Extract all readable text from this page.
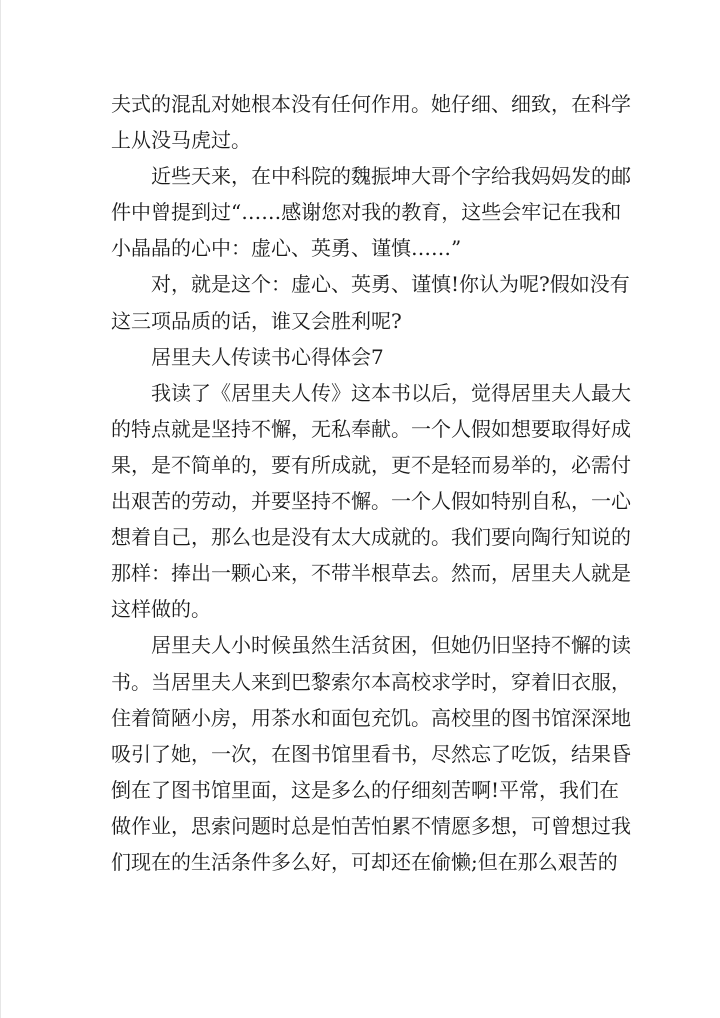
夫式的混乱对她根本没有任何作用。她仔细、细致，在科学
上从没马虎过。
近些天来，在中科院的魏振坤大哥个字给我妈妈发的邮
件中曾提到过“……感谢您对我的教育，这些会牢记在我和
小晶晶的心中：虚心、英勇、谨慎……”
对，就是这个：虚心、英勇、谨慎!你认为呢?假如没有
这三项品质的话，谁又会胜利呢?
居里夫人传读书心得体会7
我读了《居里夫人传》这本书以后，觉得居里夫人最大
的特点就是坚持不懈，无私奉献。一个人假如想要取得好成
果，是不简单的，要有所成就，更不是轻而易举的，必需付
出艰苦的劳动，并要坚持不懈。一个人假如特别自私，一心
想着自己，那么也是没有太大成就的。我们要向陶行知说的
那样：捧出一颗心来，不带半根草去。然而，居里夫人就是
这样做的。
居里夫人小时候虽然生活贫困，但她仍旧坚持不懈的读
书。当居里夫人来到巴黎索尔本高校求学时，穿着旧衣服，
住着简陋小房，用茶水和面包充饥。高校里的图书馆深深地
吸引了她，一次，在图书馆里看书，尽然忘了吃饭，结果昏
倒在了图书馆里面，这是多么的仔细刻苦啊!平常，我们在
做作业，思索问题时总是怕苦怕累不情愿多想，可曾想过我
们现在的生活条件多么好，可却还在偷懒;但在那么艰苦的
